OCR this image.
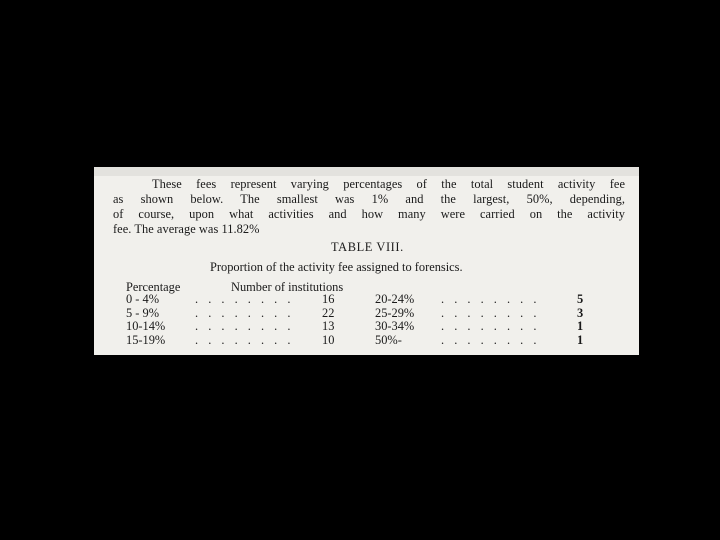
These fees represent varying percentages of the total student activity fee
as shown below. The smallest was 1% and the largest, 50%, depending,
of course, upon what activities and how many were carried on the activity
fee. The average was 11.82%
TABLE VIII.
Proportion of the activity fee assigned to forensics.
Percentage	Number of institutions
0 - 4%	. . . . . . . . 16	20-24% . . . . . . . .	5
5 - 9%	. . . . . . . . 22	25-29% . . . . . . . .	3
10-14% . . . . . . . . 13	30-34% . . . . . . . .	1
15-19% . . . . . . . . 10	50%-	. . . . . . . .	1
